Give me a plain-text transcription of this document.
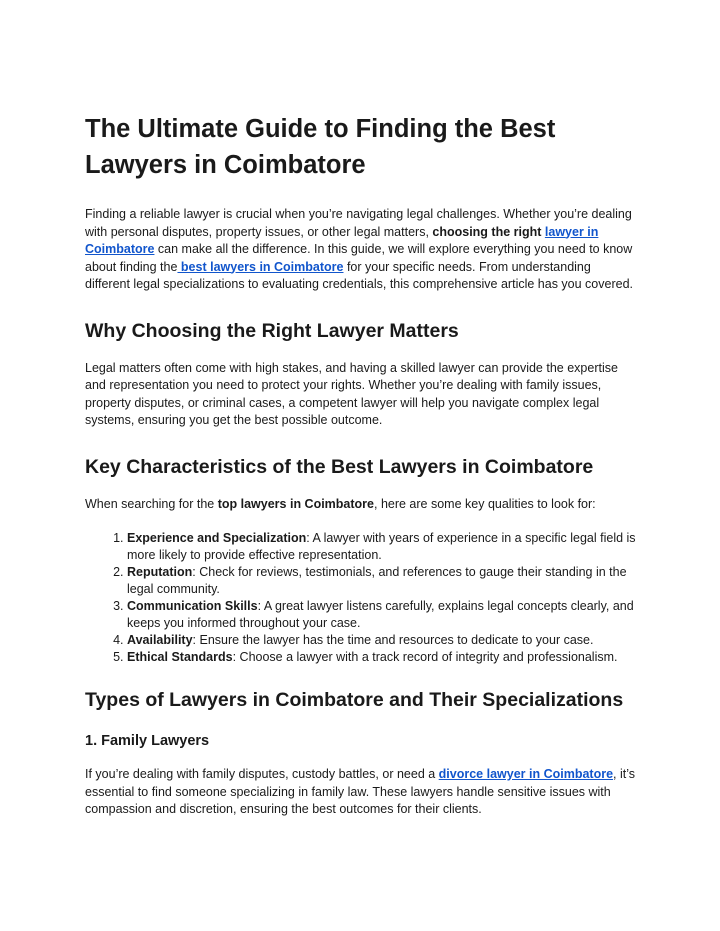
The Ultimate Guide to Finding the Best Lawyers in Coimbatore

Finding a reliable lawyer is crucial when you’re navigating legal challenges. Whether you’re dealing with personal disputes, property issues, or other legal matters, choosing the right lawyer in Coimbatore can make all the difference. In this guide, we will explore everything you need to know about finding the best lawyers in Coimbatore for your specific needs. From understanding different legal specializations to evaluating credentials, this comprehensive article has you covered.

Why Choosing the Right Lawyer Matters

Legal matters often come with high stakes, and having a skilled lawyer can provide the expertise and representation you need to protect your rights. Whether you’re dealing with family issues, property disputes, or criminal cases, a competent lawyer will help you navigate complex legal systems, ensuring you get the best possible outcome.

Key Characteristics of the Best Lawyers in Coimbatore

When searching for the top lawyers in Coimbatore, here are some key qualities to look for:

1. Experience and Specialization: A lawyer with years of experience in a specific legal field is more likely to provide effective representation.
2. Reputation: Check for reviews, testimonials, and references to gauge their standing in the legal community.
3. Communication Skills: A great lawyer listens carefully, explains legal concepts clearly, and keeps you informed throughout your case.
4. Availability: Ensure the lawyer has the time and resources to dedicate to your case.
5. Ethical Standards: Choose a lawyer with a track record of integrity and professionalism.
Types of Lawyers in Coimbatore and Their Specializations
1. Family Lawyers

If you’re dealing with family disputes, custody battles, or need a divorce lawyer in Coimbatore, it’s essential to find someone specializing in family law. These lawyers handle sensitive issues with compassion and discretion, ensuring the best outcomes for their clients.
